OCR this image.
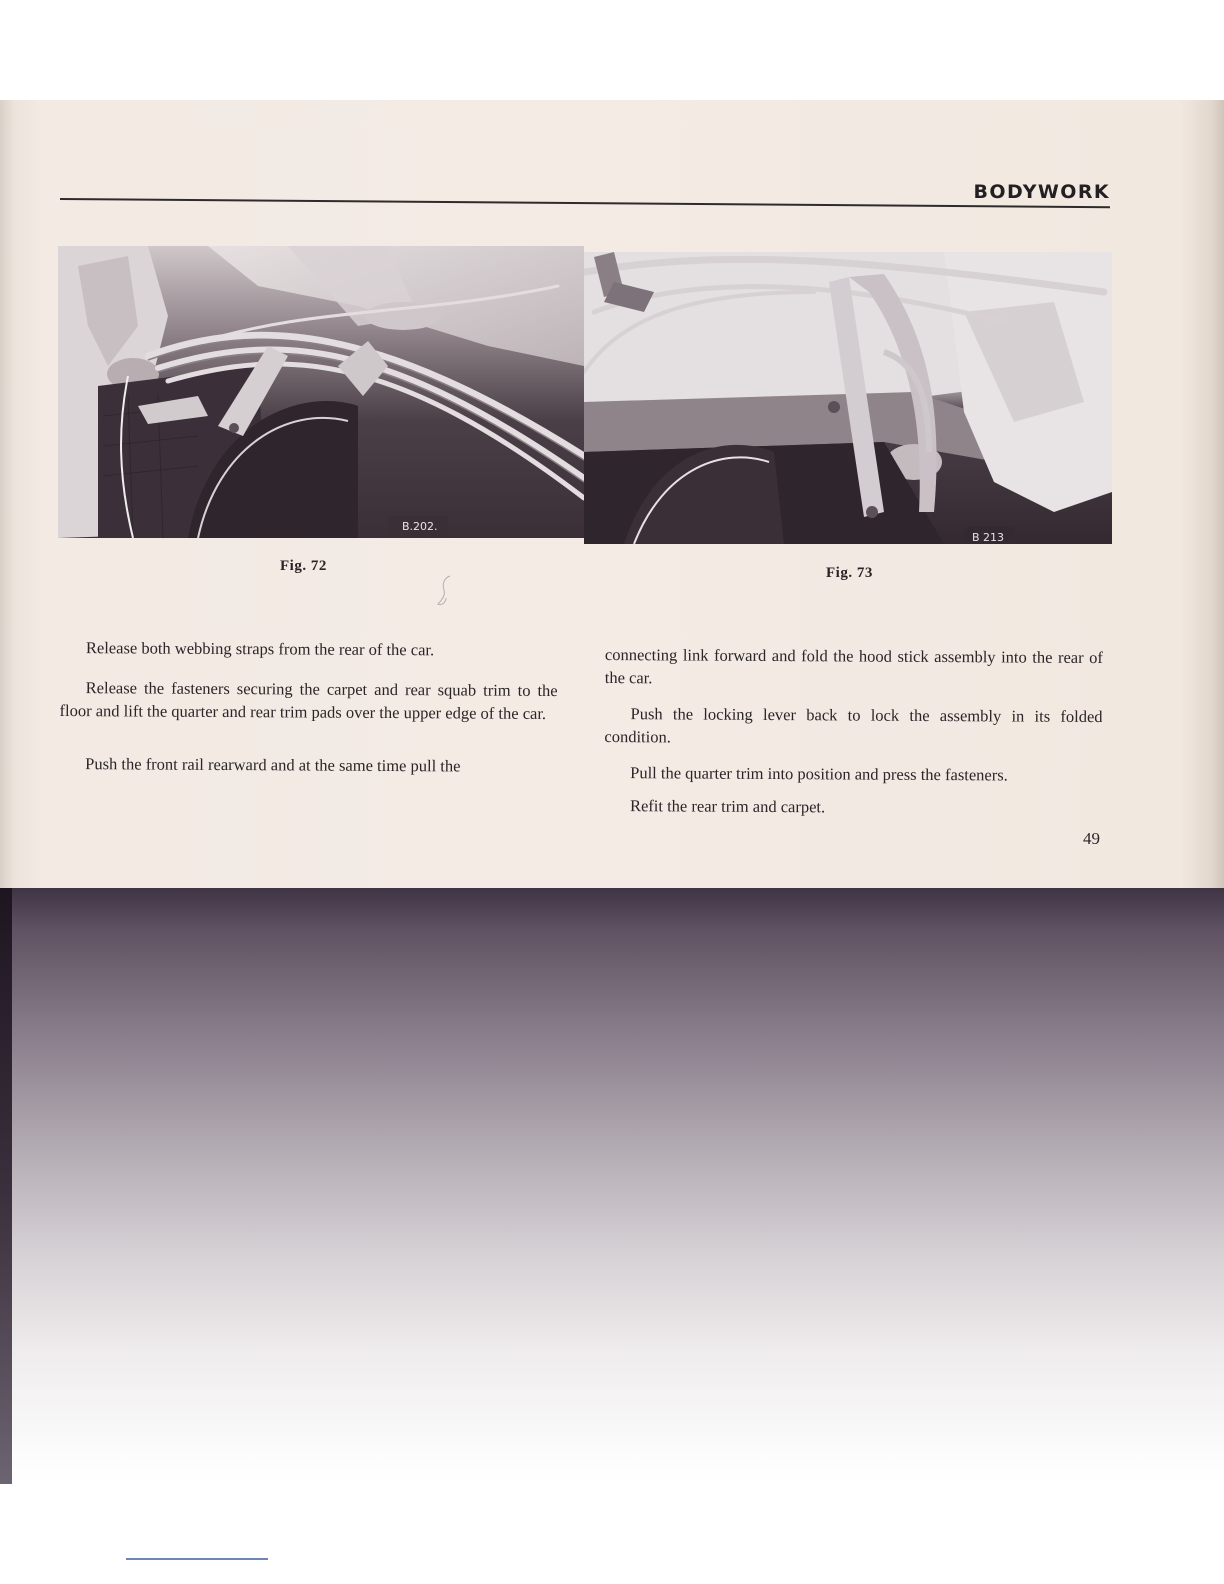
BODYWORK
B.202.
B 213
Fig. 72	Fig. 73

Release both webbing straps from the rear of the car.

Release the fasteners securing the carpet and rear squab trim to the floor and lift the quarter and rear trim pads over the upper edge of the car.

Push the front rail rearward and at the same time pull the

connecting link forward and fold the hood stick assembly into the rear of the car.

Push the locking lever back to lock the assembly in its folded condition.

Pull the quarter trim into position and press the fasteners.

Refit the rear trim and carpet.

49
